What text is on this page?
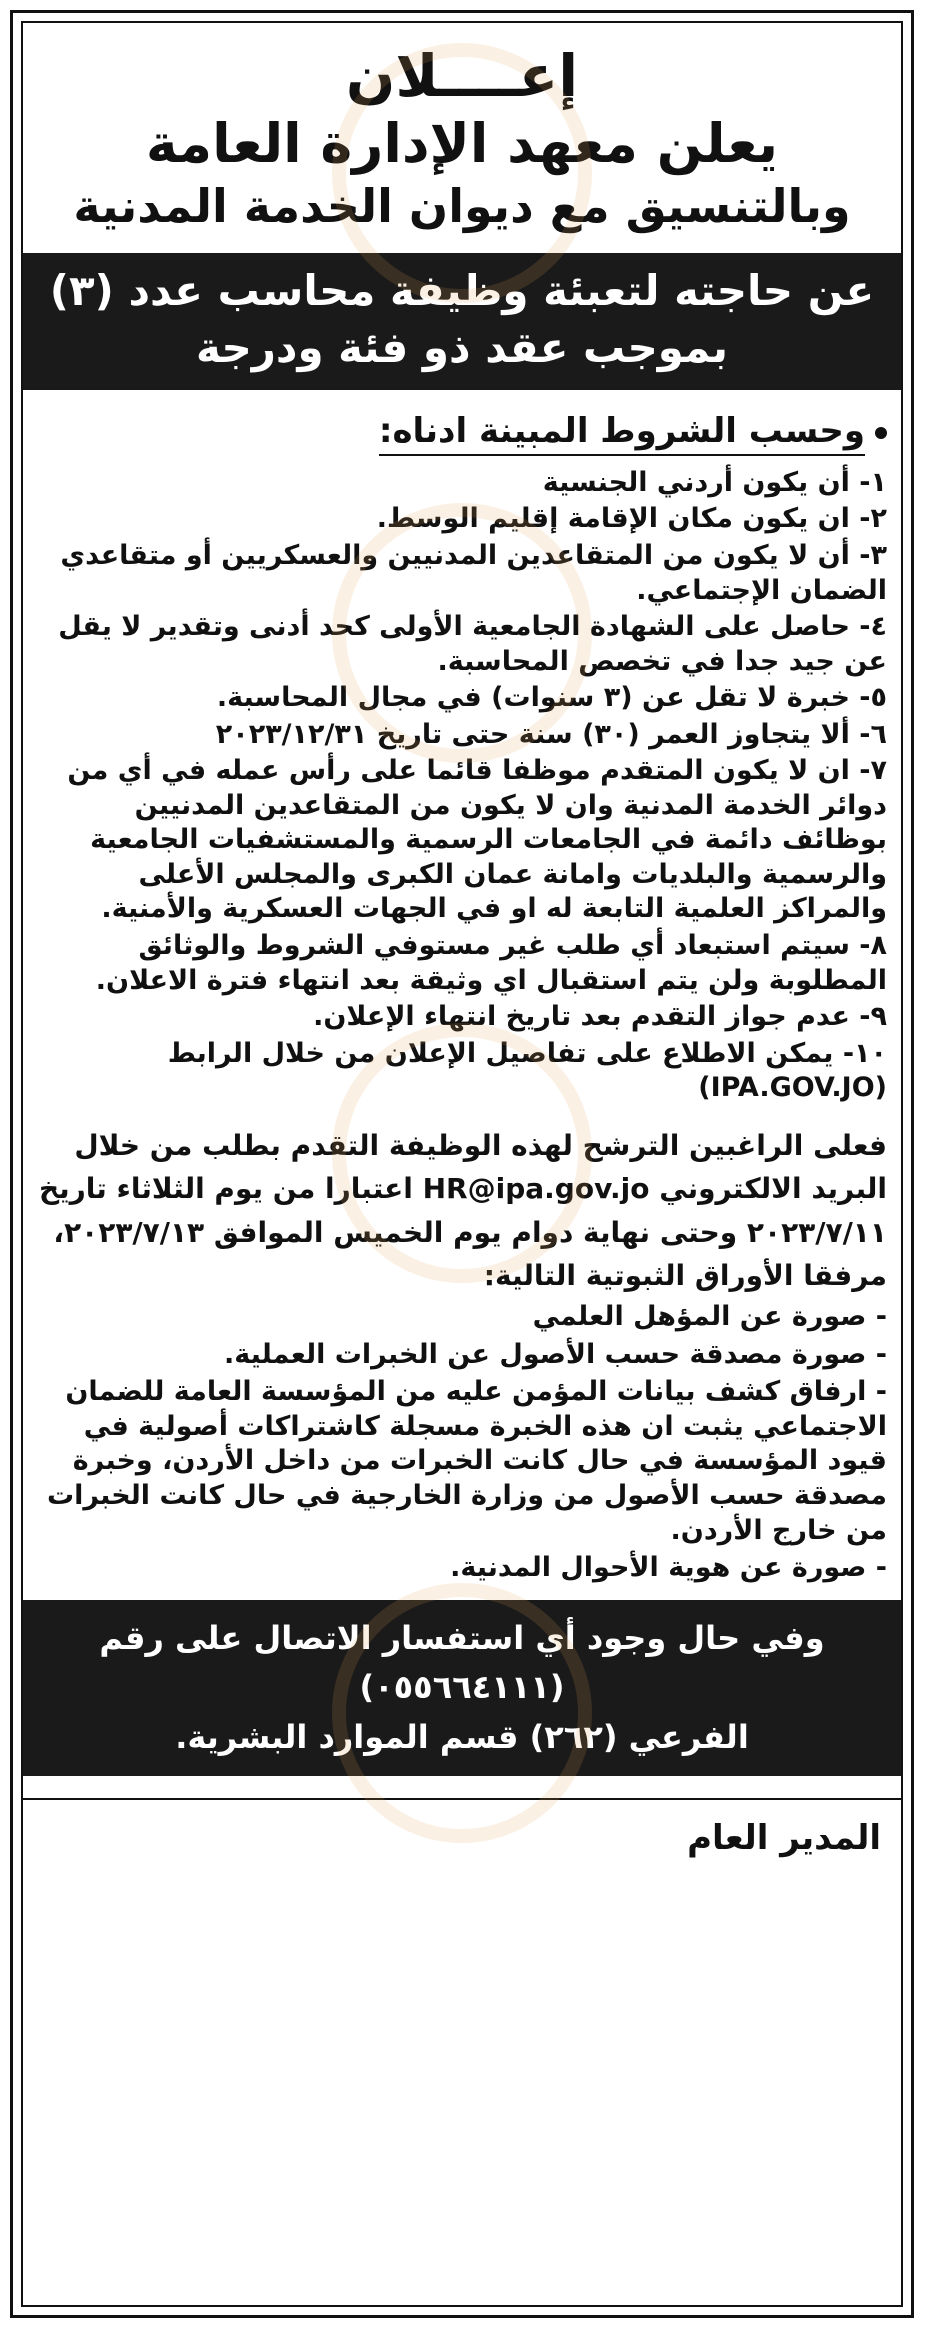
إعــــلان
يعلن معهد الإدارة العامة
وبالتنسيق مع ديوان الخدمة المدنية
عن حاجته لتعبئة وظيفة محاسب عدد (٣)
بموجب عقد ذو فئة ودرجة
وحسب الشروط المبينة ادناه:
١- أن يكون أردني الجنسية
٢- ان يكون مكان الإقامة إقليم الوسط.
٣- أن لا يكون من المتقاعدين المدنيين والعسكريين أو متقاعدي الضمان الإجتماعي.
٤- حاصل على الشهادة الجامعية الأولى كحد أدنى وتقدير لا يقل عن جيد جدا في تخصص المحاسبة.
٥- خبرة لا تقل عن (٣ سنوات) في مجال المحاسبة.
٦- ألا يتجاوز العمر (٣٠) سنة حتى تاريخ ٢٠٢٣/١٢/٣١
٧- ان لا يكون المتقدم موظفا قائما على رأس عمله في أي من دوائر الخدمة المدنية وان لا يكون من المتقاعدين المدنيين بوظائف دائمة في الجامعات الرسمية والمستشفيات الجامعية والرسمية والبلديات وامانة عمان الكبرى والمجلس الأعلى والمراكز العلمية التابعة له او في الجهات العسكرية والأمنية.
٨- سيتم استبعاد أي طلب غير مستوفي الشروط والوثائق المطلوبة ولن يتم استقبال اي وثيقة بعد انتهاء فترة الاعلان.
٩- عدم جواز التقدم بعد تاريخ انتهاء الإعلان.
١٠- يمكن الاطلاع على تفاصيل الإعلان من خلال الرابط (IPA.GOV.JO)
فعلى الراغبين الترشح لهذه الوظيفة التقدم بطلب من خلال البريد الالكتروني HR@ipa.gov.jo اعتبارا من يوم الثلاثاء تاريخ ٢٠٢٣/٧/١١ وحتى نهاية دوام يوم الخميس الموافق ٢٠٢٣/٧/١٣، مرفقا الأوراق الثبوتية التالية:
- صورة عن المؤهل العلمي
- صورة مصدقة حسب الأصول عن الخبرات العملية.
- ارفاق كشف بيانات المؤمن عليه من المؤسسة العامة للضمان الاجتماعي يثبت ان هذه الخبرة مسجلة كاشتراكات أصولية في قيود المؤسسة في حال كانت الخبرات من داخل الأردن، وخبرة مصدقة حسب الأصول من وزارة الخارجية في حال كانت الخبرات من خارج الأردن.
- صورة عن هوية الأحوال المدنية.
وفي حال وجود أي استفسار الاتصال على رقم (٠٥٥٦٦٤١١١)
الفرعي (٢٦٢) قسم الموارد البشرية.
المدير العام
